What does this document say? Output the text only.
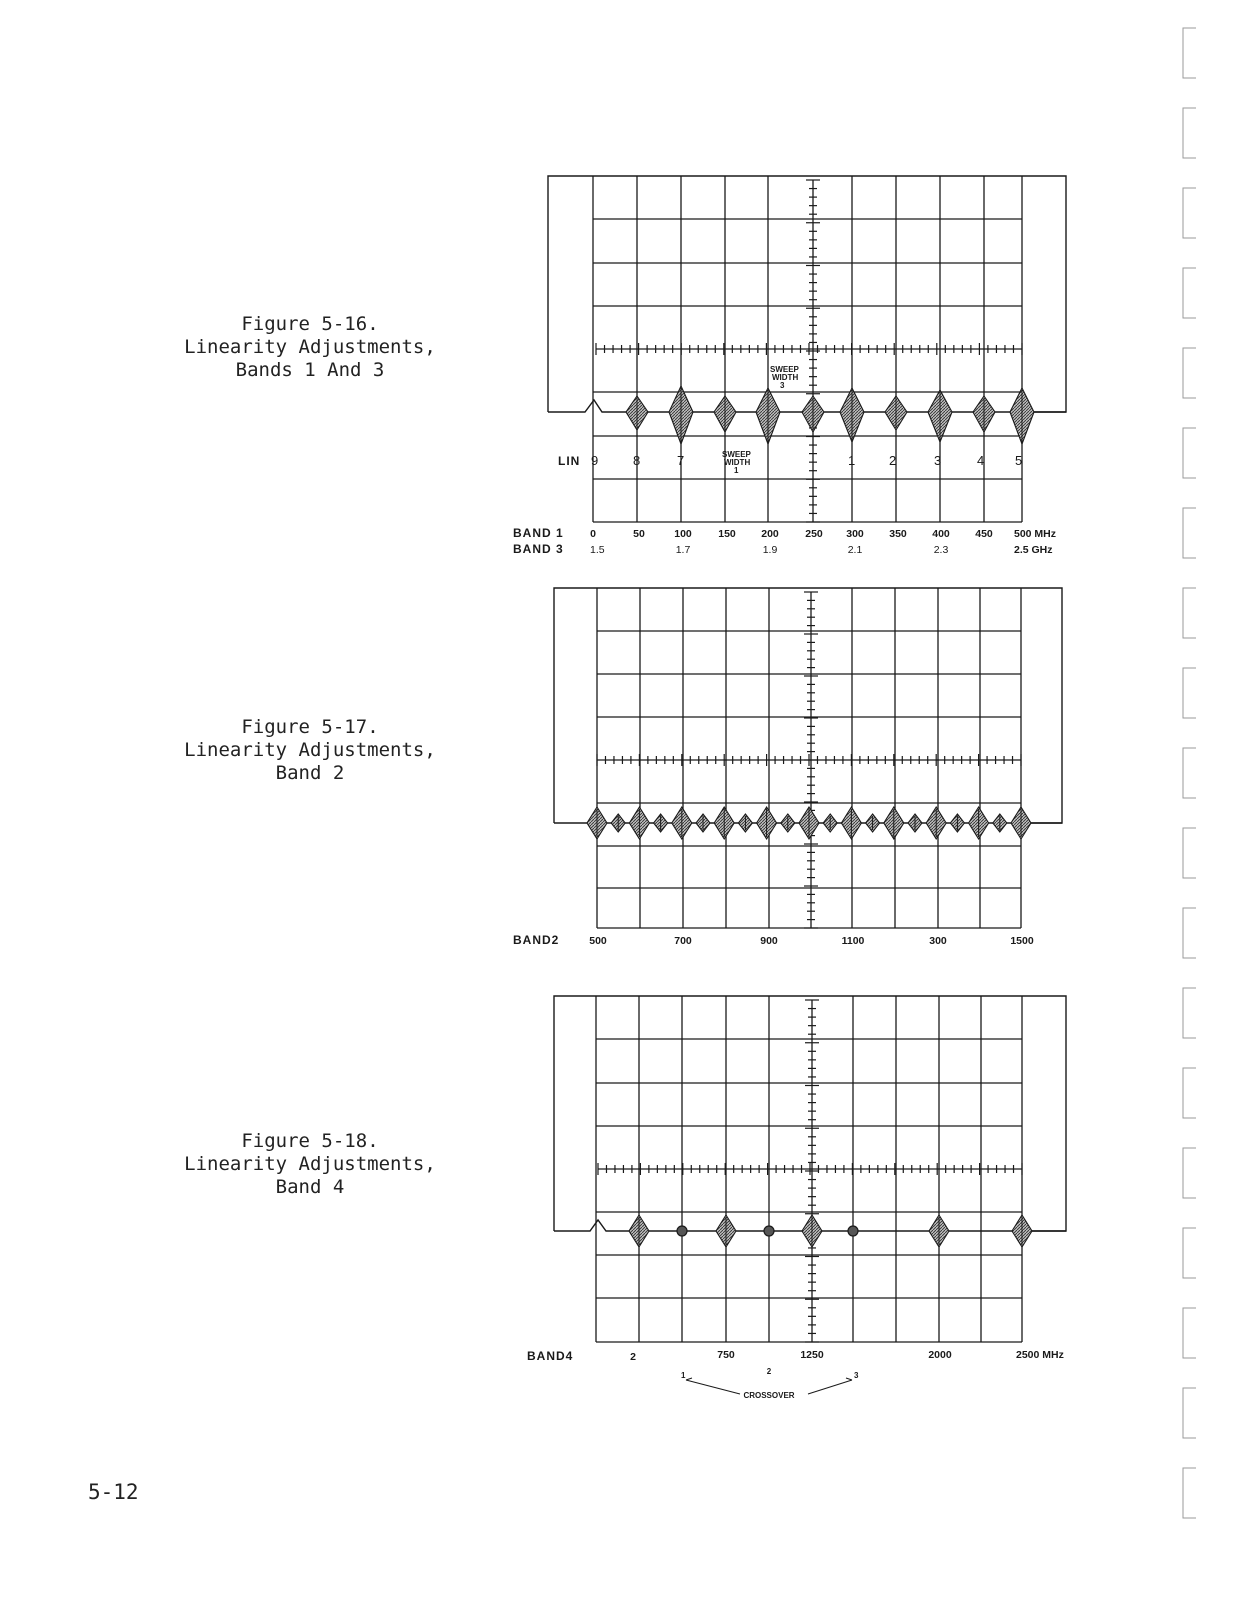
Figure 5-16.
Linearity Adjustments,
Bands 1 And 3
Figure 5-17.
Linearity Adjustments,
Band 2
Figure 5-18.
Linearity Adjustments,
Band 4
5-12
SWEEP
WIDTH
3
SWEEP
WIDTH
1
LIN 9	8	7	1	2	3	4 5
BAND 1
BAND 3
0	50	100	150 200	250 300 350 400 450 500 MHz
1.5	1.7	1.9	2.1	2.3	2.5 GHz
BAND2	500	700	900	1100	300	1500
BAND4	2	750	1250	2000	2500 MHz
1	2	3
CROSSOVER
